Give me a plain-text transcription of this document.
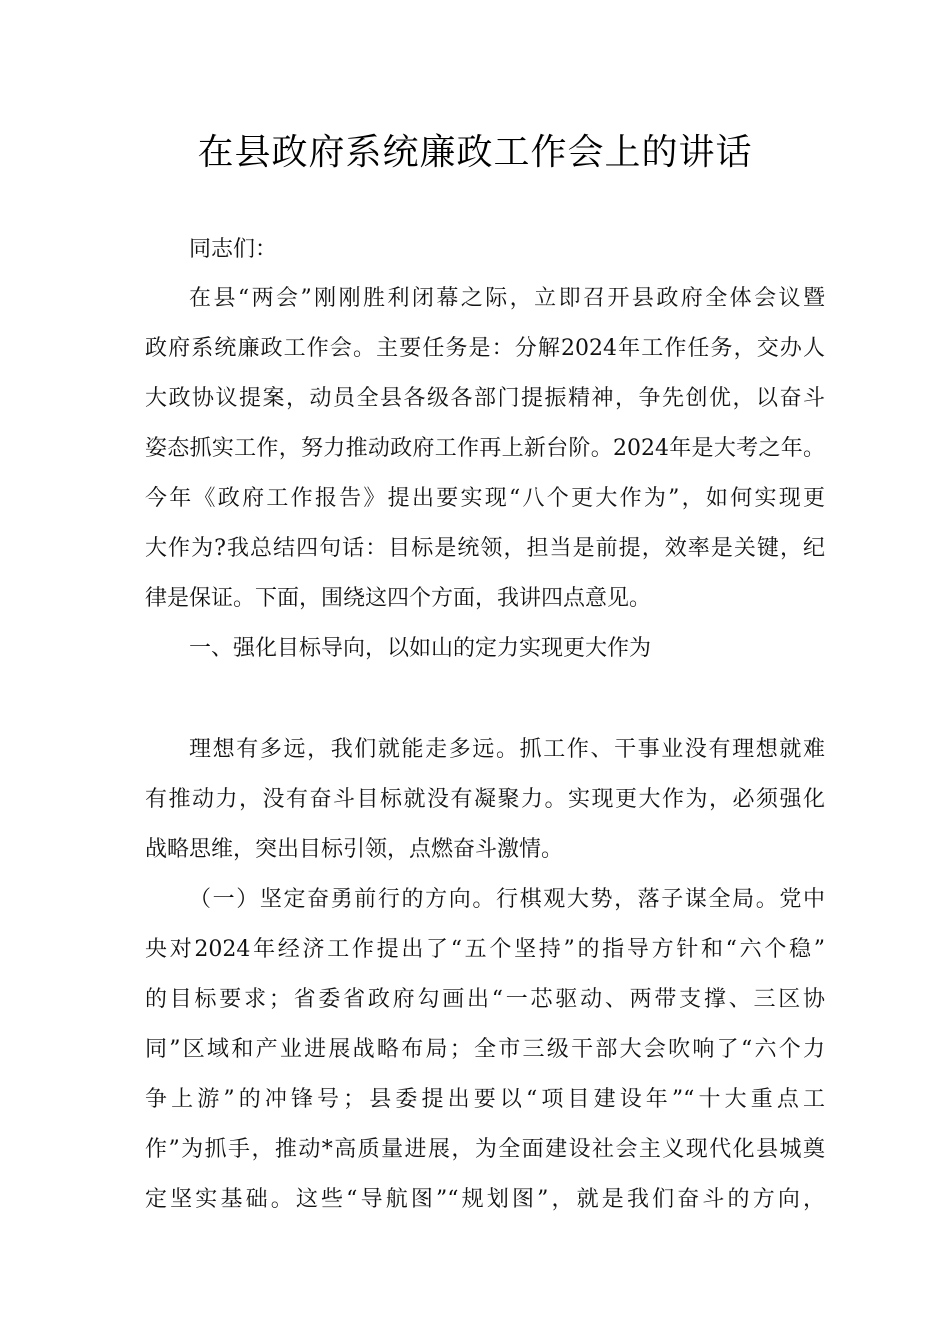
在县政府系统廉政工作会上的讲话
同志们：
在县“两会”刚刚胜利闭幕之际，立即召开县政府全体会议暨
政府系统廉政工作会。主要任务是：分解2024年工作任务，交办人
大政协议提案，动员全县各级各部门提振精神，争先创优，以奋斗
姿态抓实工作，努力推动政府工作再上新台阶。2024年是大考之年。
今年《政府工作报告》提出要实现“八个更大作为”，如何实现更
大作为?我总结四句话：目标是统领，担当是前提，效率是关键，纪
律是保证。下面，围绕这四个方面，我讲四点意见。
一、强化目标导向，以如山的定力实现更大作为
理想有多远，我们就能走多远。抓工作、干事业没有理想就难
有推动力，没有奋斗目标就没有凝聚力。实现更大作为，必须强化
战略思维，突出目标引领，点燃奋斗激情。
（一）坚定奋勇前行的方向。行棋观大势，落子谋全局。党中
央对2024年经济工作提出了“五个坚持”的指导方针和“六个稳”
的目标要求；省委省政府勾画出“一芯驱动、两带支撑、三区协
同”区域和产业进展战略布局；全市三级干部大会吹响了“六个力
争上游”的冲锋号；县委提出要以“项目建设年”“十大重点工
作”为抓手，推动*高质量进展，为全面建设社会主义现代化县城奠
定坚实基础。这些“导航图”“规划图”，就是我们奋斗的方向，
